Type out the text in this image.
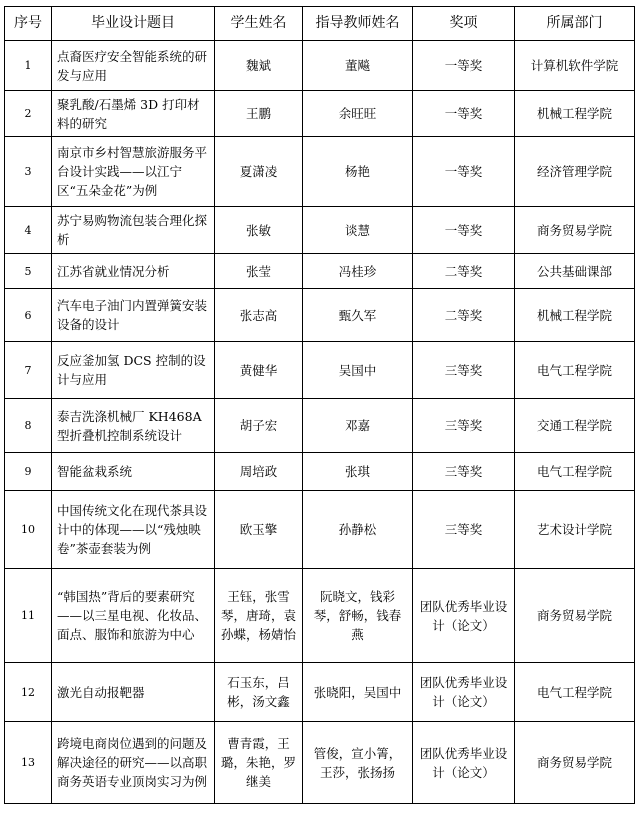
序号	毕业设计题目	学生姓名	指导教师姓名	奖项	所属部门
1	点裔医疗安全智能系统的研发与应用	魏斌	董飚	一等奖	计算机软件学院
2	聚乳酸/石墨烯 3D 打印材料的研究	王鹏	余旺旺	一等奖	机械工程学院
3	南京市乡村智慧旅游服务平台设计实践——以江宁区“五朵金花”为例	夏潇凌	杨艳	一等奖	经济管理学院
4	苏宁易购物流包装合理化探析	张敏	谈慧	一等奖	商务贸易学院
5	江苏省就业情况分析	张莹	冯桂珍	二等奖	公共基础课部
6	汽车电子油门内置弹簧安装设备的设计	张志高	甄久军	二等奖	机械工程学院
7	反应釜加氢 DCS 控制的设计与应用	黄健华	吴国中	三等奖	电气工程学院
8	泰吉洗涤机械厂 KH468A型折叠机控制系统设计	胡子宏	邓嘉	三等奖	交通工程学院
9	智能盆栽系统	周培政	张琪	三等奖	电气工程学院
10	中国传统文化在现代茶具设计中的体现——以“残烛映卷”茶壶套装为例	欧玉擎	孙静松	三等奖	艺术设计学院
11	“韩国热”背后的要素研究——以三星电视、化妆品、面点、服饰和旅游为中心	王钰，张雪琴，唐琦，袁孙蝶，杨婧怡	阮晓文，钱彩琴，舒畅，钱春燕	团队优秀毕业设计（论文）	商务贸易学院
12	激光自动报靶器	石玉东，吕彬，汤文鑫	张晓阳，吴国中	团队优秀毕业设计（论文）	电气工程学院
13	跨境电商岗位遇到的问题及解决途径的研究——以高职商务英语专业顶岗实习为例	曹青霞，王璐，朱艳，罗继美	管俊，宣小箐，王莎，张扬扬	团队优秀毕业设计（论文）	商务贸易学院
